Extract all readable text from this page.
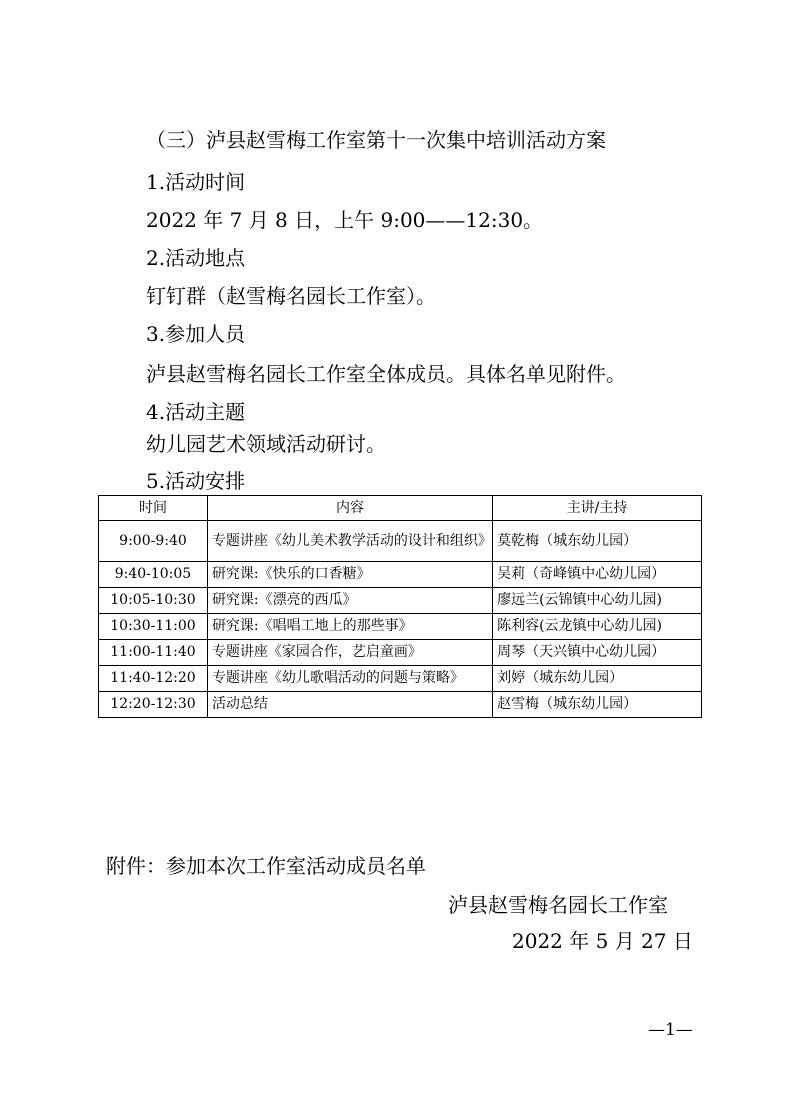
（三）泸县赵雪梅工作室第十一次集中培训活动方案
1.活动时间
2022 年 7 月 8 日，上午 9:00——12:30。
2.活动地点
钉钉群（赵雪梅名园长工作室）。
3.参加人员
泸县赵雪梅名园长工作室全体成员。具体名单见附件。
4.活动主题
幼儿园艺术领域活动研讨。
5.活动安排
时间	内容	主讲/主持
9:00-9:40	专题讲座《幼儿美术教学活动的设计和组织》	莫乾梅（城东幼儿园）
9:40-10:05	研究课:《快乐的口香糖》	吴莉（奇峰镇中心幼儿园）
10:05-10:30	研究课:《漂亮的西瓜》	廖远兰(云锦镇中心幼儿园)
10:30-11:00	研究课:《唱唱工地上的那些事》	陈利容(云龙镇中心幼儿园)
11:00-11:40	专题讲座《家园合作，艺启童画》	周琴（天兴镇中心幼儿园）
11:40-12:20	专题讲座《幼儿歌唱活动的问题与策略》	刘婷（城东幼儿园）
12:20-12:30	活动总结	赵雪梅（城东幼儿园）
附件：参加本次工作室活动成员名单
泸县赵雪梅名园长工作室
2022 年 5 月 27 日
—1—
